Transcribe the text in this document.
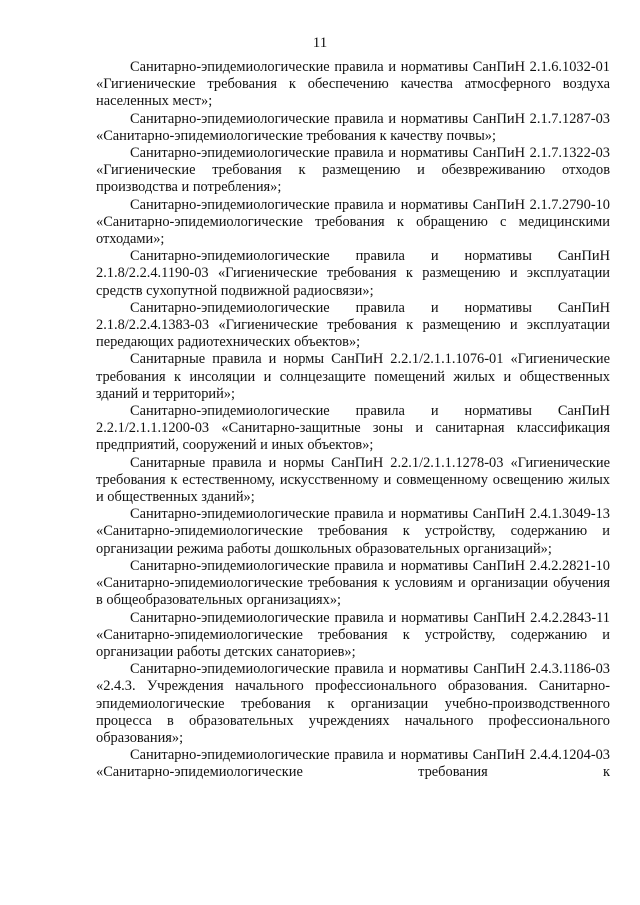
11

Санитарно-эпидемиологические правила и нормативы СанПиН 2.1.6.1032-01 «Гигиенические требования к обеспечению качества атмосферного воздуха населенных мест»;

Санитарно-эпидемиологические правила и нормативы СанПиН 2.1.7.1287-03 «Санитарно-эпидемиологические требования к качеству почвы»;

Санитарно-эпидемиологические правила и нормативы СанПиН 2.1.7.1322-03 «Гигиенические требования к размещению и обезвреживанию отходов производства и потребления»;

Санитарно-эпидемиологические правила и нормативы СанПиН 2.1.7.2790-10 «Санитарно-эпидемиологические требования к обращению с медицинскими отходами»;

Санитарно-эпидемиологические правила и нормативы СанПиН 2.1.8/2.2.4.1190-03 «Гигиенические требования к размещению и эксплуатации средств сухопутной подвижной радиосвязи»;

Санитарно-эпидемиологические правила и нормативы СанПиН 2.1.8/2.2.4.1383-03 «Гигиенические требования к размещению и эксплуатации передающих радиотехнических объектов»;

Санитарные правила и нормы СанПиН 2.2.1/2.1.1.1076-01 «Гигиенические требования к инсоляции и солнцезащите помещений жилых и общественных зданий и территорий»;

Санитарно-эпидемиологические правила и нормативы СанПиН 2.2.1/2.1.1.1200-03 «Санитарно-защитные зоны и санитарная классификация предприятий, сооружений и иных объектов»;

Санитарные правила и нормы СанПиН 2.2.1/2.1.1.1278-03 «Гигиенические требования к естественному, искусственному и совмещенному освещению жилых и общественных зданий»;

Санитарно-эпидемиологические правила и нормативы СанПиН 2.4.1.3049-13 «Санитарно-эпидемиологические требования к устройству, содержанию и организации режима работы дошкольных образовательных организаций»;

Санитарно-эпидемиологические правила и нормативы СанПиН 2.4.2.2821-10 «Санитарно-эпидемиологические требования к условиям и организации обучения в общеобразовательных организациях»;

Санитарно-эпидемиологические правила и нормативы СанПиН 2.4.2.2843-11 «Санитарно-эпидемиологические требования к устройству, содержанию и организации работы детских санаториев»;

Санитарно-эпидемиологические правила и нормативы СанПиН 2.4.3.1186-03 «2.4.3. Учреждения начального профессионального образования. Санитарно-эпидемиологические требования к организации учебно-производственного процесса в образовательных учреждениях начального профессионального образования»;

Санитарно-эпидемиологические правила и нормативы СанПиН 2.4.4.1204-03 «Санитарно-эпидемиологические требования к
